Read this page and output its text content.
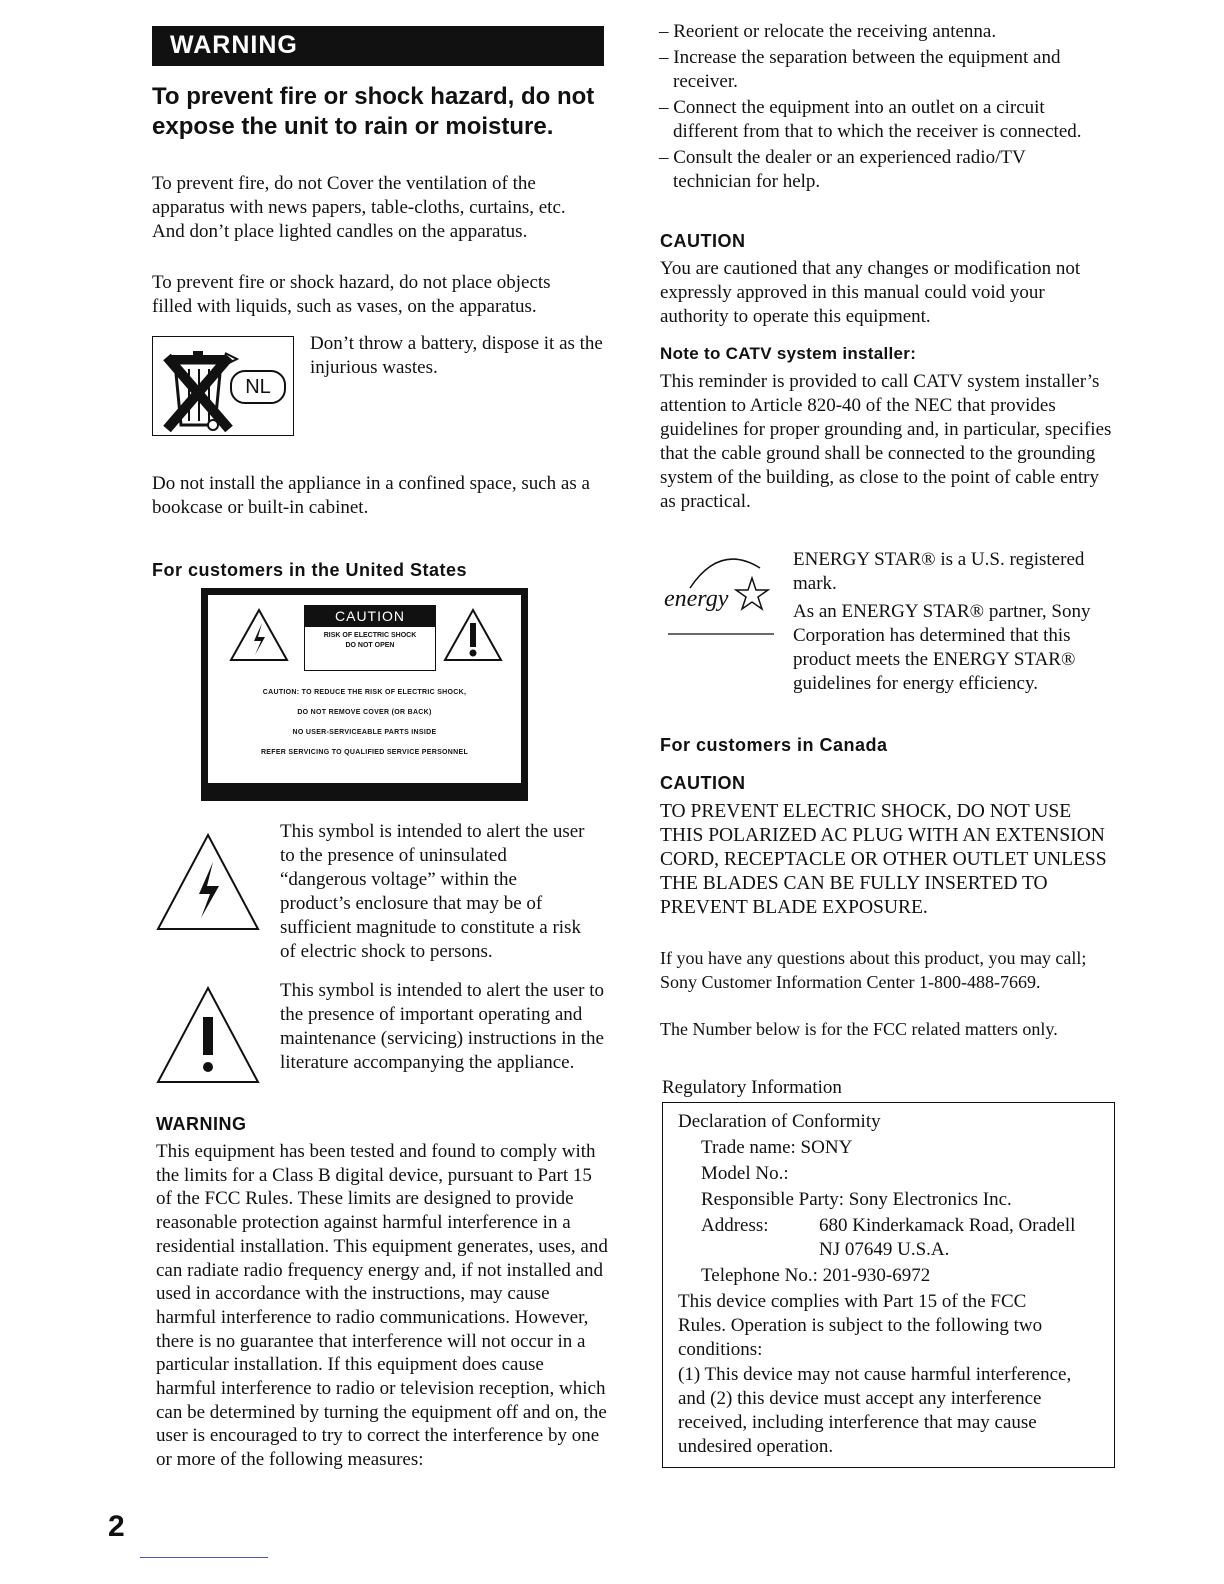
WARNING
To prevent fire or shock hazard, do not expose the unit to rain or moisture.

To prevent fire, do not Cover the ventilation of the apparatus with news papers, table-cloths, curtains, etc. And don’t place lighted candles on the apparatus.

To prevent fire or shock hazard, do not place objects filled with liquids, such as vases, on the apparatus.

NL

Don’t throw a battery, dispose it as the injurious wastes.

Do not install the appliance in a confined space, such as a bookcase or built-in cabinet.

For customers in the United States
CAUTION
RISK OF ELECTRIC SHOCK
DO NOT OPEN
CAUTION: TO REDUCE THE RISK OF ELECTRIC SHOCK,
DO NOT REMOVE COVER (OR BACK)
NO USER-SERVICEABLE PARTS INSIDE
REFER SERVICING TO QUALIFIED SERVICE PERSONNEL

This symbol is intended to alert the user to the presence of uninsulated “dangerous voltage” within the product’s enclosure that may be of sufficient magnitude to constitute a risk of electric shock to persons.

This symbol is intended to alert the user to the presence of important operating and maintenance (servicing) instructions in the literature accompanying the appliance.

WARNING

This equipment has been tested and found to comply with the limits for a Class B digital device, pursuant to Part 15 of the FCC Rules. These limits are designed to provide reasonable protection against harmful interference in a residential installation. This equipment generates, uses, and can radiate radio frequency energy and, if not installed and used in accordance with the instructions, may cause harmful interference to radio communications. However, there is no guarantee that interference will not occur in a particular installation. If this equipment does cause harmful interference to radio or television reception, which can be determined by turning the equipment off and on, the user is encouraged to try to correct the interference by one or more of the following measures:

2
– Reorient or relocate the receiving antenna.
– Increase the separation between the equipment and receiver.
– Connect the equipment into an outlet on a circuit different from that to which the receiver is connected.
– Consult the dealer or an experienced radio/TV technician for help.
CAUTION

You are cautioned that any changes or modification not expressly approved in this manual could void your authority to operate this equipment.

Note to CATV system installer:

This reminder is provided to call CATV system installer’s attention to Article 820-40 of the NEC that provides guidelines for proper grounding and, in particular, specifies that the cable ground shall be connected to the grounding system of the building, as close to the point of cable entry as practical.

energy

ENERGY STAR® is a U.S. registered mark.

As an ENERGY STAR® partner, Sony Corporation has determined that this product meets the ENERGY STAR® guidelines for energy efficiency.

For customers in Canada
CAUTION

TO PREVENT ELECTRIC SHOCK, DO NOT USE THIS POLARIZED AC PLUG WITH AN EXTENSION CORD, RECEPTACLE OR OTHER OUTLET UNLESS THE BLADES CAN BE FULLY INSERTED TO PREVENT BLADE EXPOSURE.

If you have any questions about this product, you may call; Sony Customer Information Center 1-800-488-7669.

The Number below is for the FCC related matters only.

Regulatory Information
Declaration of Conformity
Trade name: SONY
Model No.:
Responsible Party: Sony Electronics Inc.
Address:	680 Kinderkamack Road, Oradell
NJ 07649 U.S.A.
Telephone No.: 201-930-6972

This device complies with Part 15 of the FCC Rules. Operation is subject to the following two conditions:

(1) This device may not cause harmful interference, and (2) this device must accept any interference received, including interference that may cause undesired operation.
